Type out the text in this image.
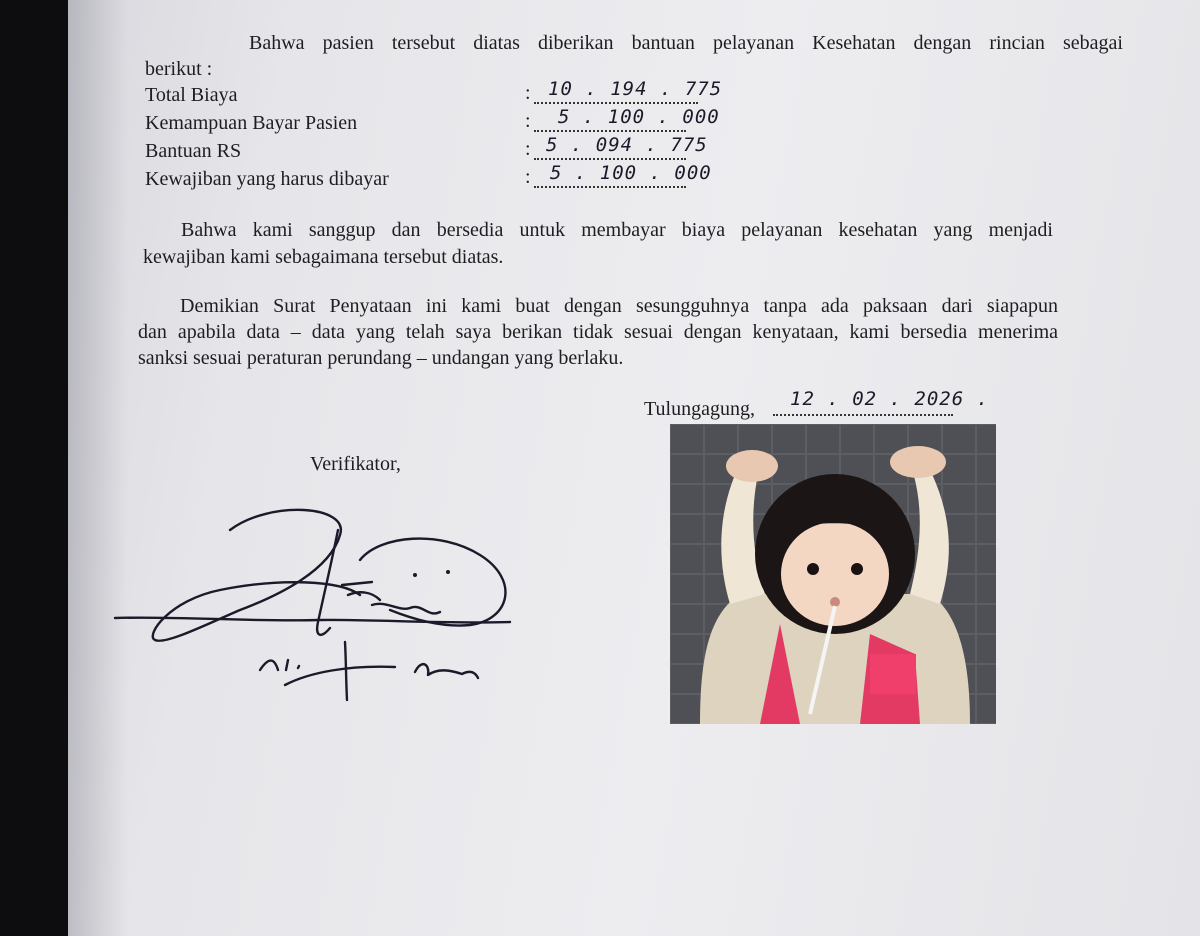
Bahwa pasien tersebut diatas diberikan bantuan pelayanan Kesehatan dengan rincian sebagai
berikut :
Total Biaya	: 10 . 194 . 775
Kemampuan Bayar Pasien	: 5 . 100 . 000
Bantuan RS	: 5 . 094 . 775
Kewajiban yang harus dibayar	: 5 . 100 . 000
Bahwa kami sanggup dan bersedia untuk membayar biaya pelayanan kesehatan yang menjadi
kewajiban kami sebagaimana tersebut diatas.
Demikian Surat Penyataan ini kami buat dengan sesungguhnya tanpa ada paksaan dari siapapun
dan apabila data – data yang telah saya berikan tidak sesuai dengan kenyataan, kami bersedia menerima
sanksi sesuai peraturan perundang – undangan yang berlaku.
Tulungagung, 12 . 02 . 2026 .
Verifikator,
